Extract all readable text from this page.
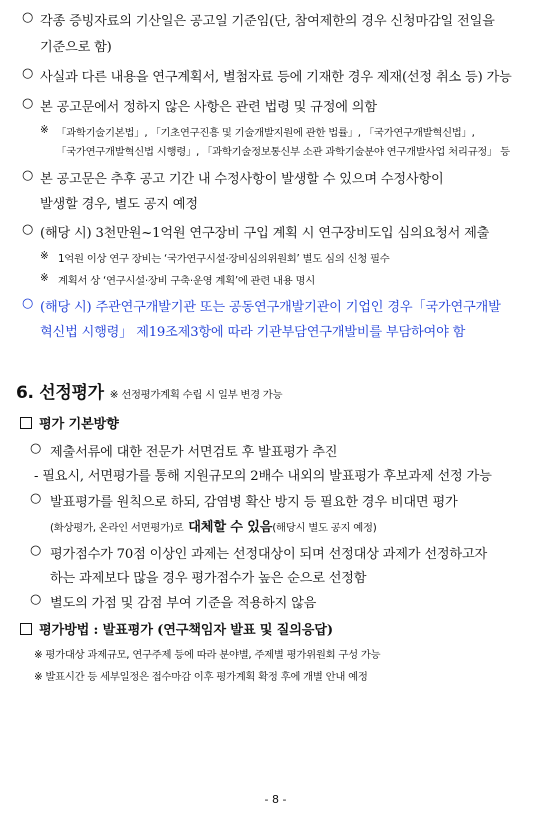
○ 각종 증빙자료의 기산일은 공고일 기준임(단, 참여제한의 경우 신청마감일 전일을
기준으로 함)
○ 사실과 다른 내용을 연구계획서, 별첨자료 등에 기재한 경우 제재(선정 취소 등) 가능
○ 본 공고문에서 정하지 않은 사항은 관련 법령 및 규정에 의함
※ 「과학기술기본법」, 「기초연구진흥 및 기술개발지원에 관한 법률」, 「국가연구개발혁신법」,
「국가연구개발혁신법 시행령」, 「과학기술정보통신부 소관 과학기술분야 연구개발사업 처리규정」 등
○ 본 공고문은 추후 공고 기간 내 수정사항이 발생할 수 있으며 수정사항이
발생할 경우, 별도 공지 예정
○ (해당 시) 3천만원~1억원 연구장비 구입 계획 시 연구장비도입 심의요청서 제출
※ 1억원 이상 연구 장비는 ‘국가연구시설·장비심의위원회’ 별도 심의 신청 필수
※ 계획서 상 ‘연구시설·장비 구축·운영 계획’에 관련 내용 명시
○ (해당 시) 주관연구개발기관 또는 공동연구개발기관이 기업인 경우「국가연구개발
혁신법 시행령」 제19조제3항에 따라 기관부담연구개발비를 부담하여야 함
6. 선정평가 ※ 선정평가계획 수립 시 일부 변경 가능
평가 기본방향
○ 제출서류에 대한 전문가 서면검토 후 발표평가 추진
- 필요시, 서면평가를 통해 지원규모의 2배수 내외의 발표평가 후보과제 선정 가능
○ 발표평가를 원칙으로 하되, 감염병 확산 방지 등 필요한 경우 비대면 평가
(화상평가, 온라인 서면평가)로 대체할 수 있음(해당시 별도 공지 예정)
○ 평가점수가 70점 이상인 과제는 선정대상이 되며 선정대상 과제가 선정하고자
하는 과제보다 많을 경우 평가점수가 높은 순으로 선정함
○ 별도의 가점 및 감점 부여 기준을 적용하지 않음
평가방법 : 발표평가 (연구책임자 발표 및 질의응답)
※ 평가대상 과제규모, 연구주제 등에 따라 분야별, 주제별 평가위원회 구성 가능
※ 발표시간 등 세부일정은 접수마감 이후 평가계획 확정 후에 개별 안내 예정
- 8 -
